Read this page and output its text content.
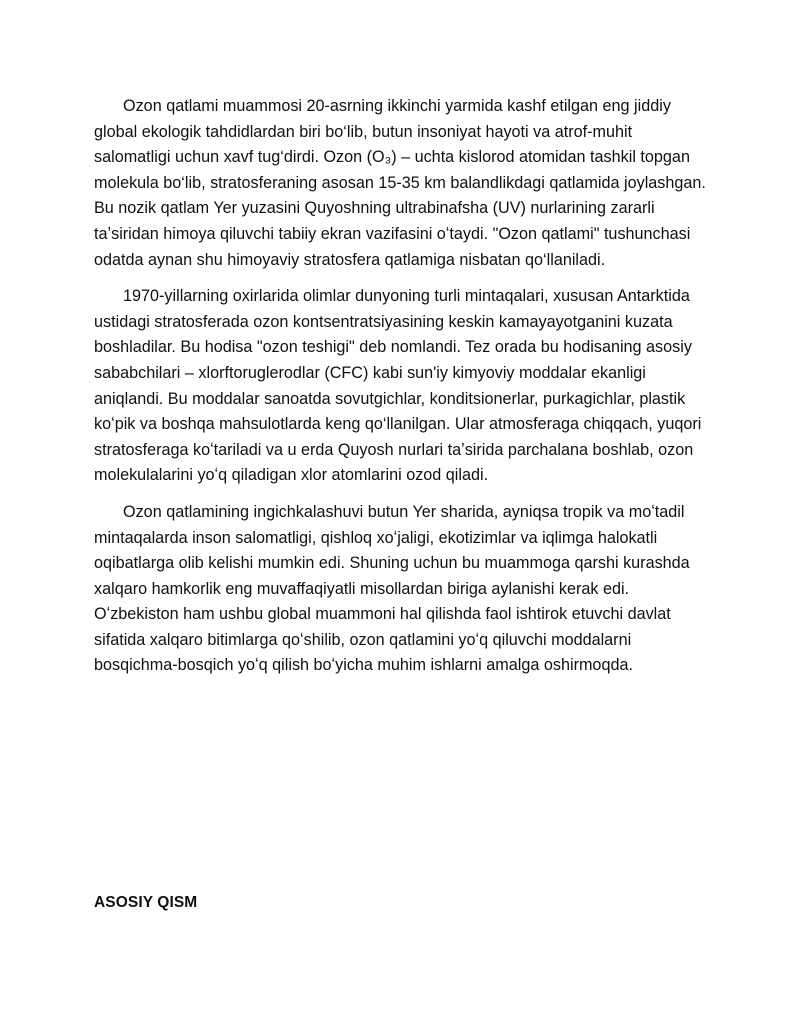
Ozon qatlami muammosi 20-asrning ikkinchi yarmida kashf etilgan eng jiddiy global ekologik tahdidlardan biri bo‘lib, butun insoniyat hayoti va atrof-muhit salomatligi uchun xavf tug‘dirdi. Ozon (O₃) – uchta kislorod atomidan tashkil topgan molekula bo‘lib, stratosferaning asosan 15-35 km balandlikdagi qatlamida joylashgan. Bu nozik qatlam Yer yuzasini Quyoshning ultrabinafsha (UV) nurlarining zararli taʼsiridan himoya qiluvchi tabiiy ekran vazifasini oʻtaydi. "Ozon qatlami" tushunchasi odatda aynan shu himoyaviy stratosfera qatlamiga nisbatan qo‘llaniladi.

1970-yillarning oxirlarida olimlar dunyoning turli mintaqalari, xususan Antarktida ustidagi stratosferada ozon kontsentratsiyasining keskin kamayayotganini kuzata boshladilar. Bu hodisa "ozon teshigi" deb nomlandi. Tez orada bu hodisaning asosiy sababchilari – xlorftoruglerodlar (CFC) kabi sun'iy kimyoviy moddalar ekanligi aniqlandi. Bu moddalar sanoatda sovutgichlar, konditsionerlar, purkagichlar, plastik koʻpik va boshqa mahsulotlarda keng qo‘llanilgan. Ular atmosferaga chiqqach, yuqori stratosferaga koʻtariladi va u erda Quyosh nurlari taʼsirida parchalana boshlab, ozon molekulalarini yoʻq qiladigan xlor atomlarini ozod qiladi.

Ozon qatlamining ingichkalashuvi butun Yer sharida, ayniqsa tropik va moʻtadil mintaqalarda inson salomatligi, qishloq xoʻjaligi, ekotizimlar va iqlimga halokatli oqibatlarga olib kelishi mumkin edi. Shuning uchun bu muammoga qarshi kurashda xalqaro hamkorlik eng muvaffaqiyatli misollardan biriga aylanishi kerak edi. Oʻzbekiston ham ushbu global muammoni hal qilishda faol ishtirok etuvchi davlat sifatida xalqaro bitimlarga qoʻshilib, ozon qatlamini yoʻq qiluvchi moddalarni bosqichma-bosqich yoʻq qilish boʻyicha muhim ishlarni amalga oshirmoqda.

ASOSIY QISM
